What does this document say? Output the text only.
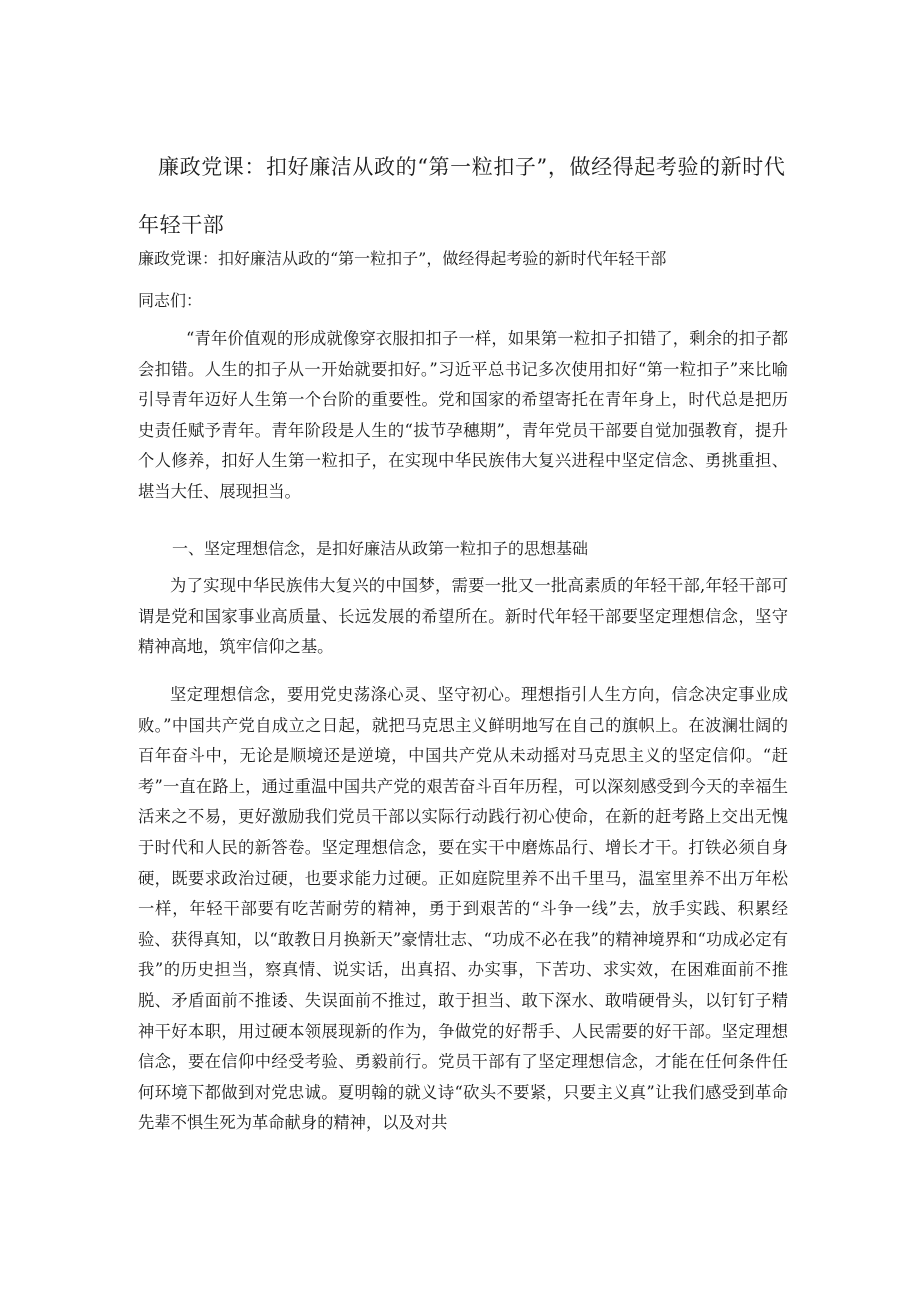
廉政党课：扣好廉洁从政的“第一粒扣子”，做经得起考验的新时代年轻干部

廉政党课：扣好廉洁从政的“第一粒扣子”，做经得起考验的新时代年轻干部

同志们：

“青年价值观的形成就像穿衣服扣扣子一样，如果第一粒扣子扣错了，剩余的扣子都会扣错。人生的扣子从一开始就要扣好。”习近平总书记多次使用扣好“第一粒扣子”来比喻引导青年迈好人生第一个台阶的重要性。党和国家的希望寄托在青年身上，时代总是把历史责任赋予青年。青年阶段是人生的“拔节孕穗期”，青年党员干部要自觉加强教育，提升个人修养，扣好人生第一粒扣子，在实现中华民族伟大复兴进程中坚定信念、勇挑重担、堪当大任、展现担当。

一、坚定理想信念，是扣好廉洁从政第一粒扣子的思想基础

为了实现中华民族伟大复兴的中国梦，需要一批又一批高素质的年轻干部,年轻干部可谓是党和国家事业高质量、长远发展的希望所在。新时代年轻干部要坚定理想信念，坚守精神高地，筑牢信仰之基。

坚定理想信念，要用党史荡涤心灵、坚守初心。理想指引人生方向，信念决定事业成败。”中国共产党自成立之日起，就把马克思主义鲜明地写在自己的旗帜上。在波澜壮阔的百年奋斗中，无论是顺境还是逆境，中国共产党从未动摇对马克思主义的坚定信仰。“赶考”一直在路上，通过重温中国共产党的艰苦奋斗百年历程，可以深刻感受到今天的幸福生活来之不易，更好激励我们党员干部以实际行动践行初心使命，在新的赶考路上交出无愧于时代和人民的新答卷。坚定理想信念，要在实干中磨炼品行、增长才干。打铁必须自身硬，既要求政治过硬，也要求能力过硬。正如庭院里养不出千里马，温室里养不出万年松一样，年轻干部要有吃苦耐劳的精神，勇于到艰苦的“斗争一线”去，放手实践、积累经验、获得真知，以“敢教日月换新天”豪情壮志、“功成不必在我”的精神境界和“功成必定有我”的历史担当，察真情、说实话，出真招、办实事，下苦功、求实效，在困难面前不推脱、矛盾面前不推诿、失误面前不推过，敢于担当、敢下深水、敢啃硬骨头，以钉钉子精神干好本职，用过硬本领展现新的作为，争做党的好帮手、人民需要的好干部。坚定理想信念，要在信仰中经受考验、勇毅前行。党员干部有了坚定理想信念，才能在任何条件任何环境下都做到对党忠诚。夏明翰的就义诗“砍头不要紧，只要主义真”让我们感受到革命先辈不惧生死为革命献身的精神，以及对共
